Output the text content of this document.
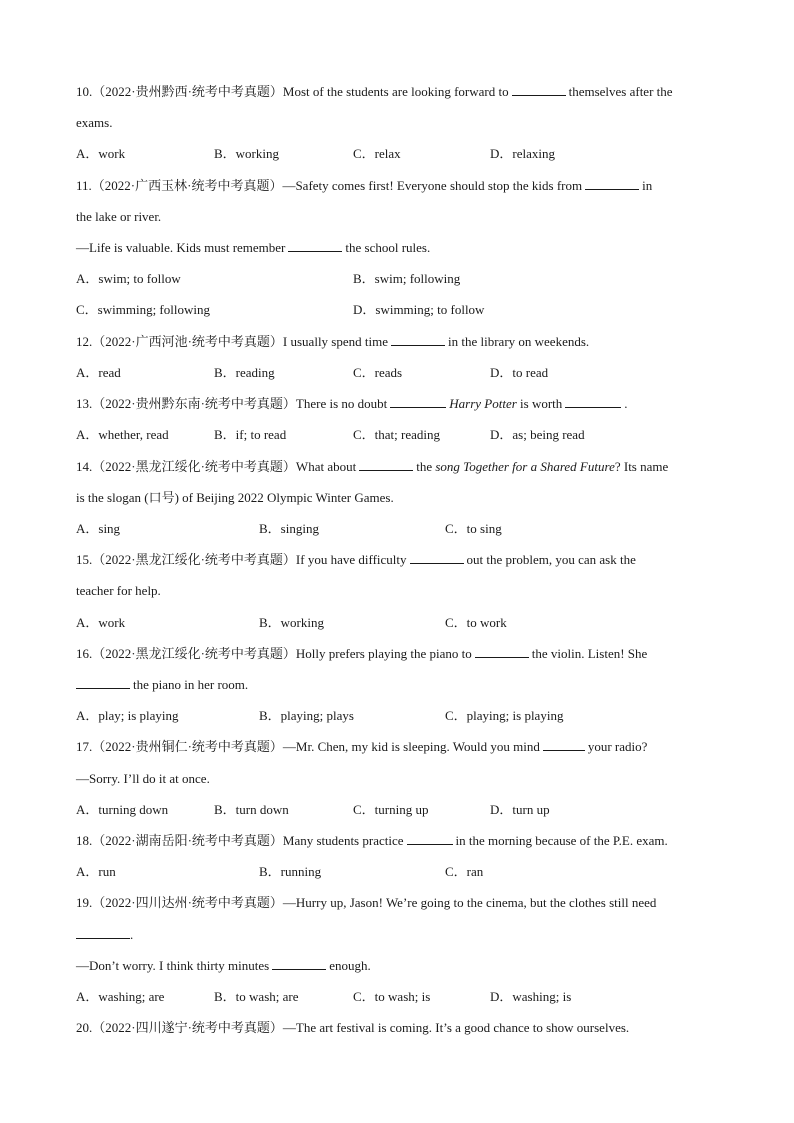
10.（2022·贵州黔西·统考中考真题）Most of the students are looking forward to	themselves after the
exams.
A．work	B．working	C．relax	D．relaxing
11.（2022·广西玉林·统考中考真题）—Safety comes first! Everyone should stop the kids from	in
the lake or river.
—Life is valuable. Kids must remember	the school rules.
A．swim; to follow	B．swim; following
C．swimming; following	D．swimming; to follow
12.（2022·广西河池·统考中考真题）I usually spend time	in the library on weekends.
A．read	B．reading	C．reads	D．to read
13.（2022·贵州黔东南·统考中考真题）There is no doubt	Harry Potter is worth	.
A．whether, read	B．if; to read	C．that; reading	D．as; being read
14.（2022·黑龙江绥化·统考中考真题）What about	the song Together for a Shared Future? Its name
is the slogan (口号) of Beijing 2022 Olympic Winter Games.
A．sing	B．singing	C．to sing
15.（2022·黑龙江绥化·统考中考真题）If you have difficulty	out the problem, you can ask the
teacher for help.
A．work	B．working	C．to work
16.（2022·黑龙江绥化·统考中考真题）Holly prefers playing the piano to	the violin. Listen! She
the piano in her room.
A．play; is playing	B．playing; plays	C．playing; is playing
17.（2022·贵州铜仁·统考中考真题）—Mr. Chen, my kid is sleeping. Would you mind	your radio?
—Sorry. I’ll do it at once.
A．turning down	B．turn down	C．turning up	D．turn up
18.（2022·湖南岳阳·统考中考真题）Many students practice	in the morning because of the P.E. exam.
A．run	B．running	C．ran
19.（2022·四川达州·统考中考真题）—Hurry up, Jason! We’re going to the cinema, but the clothes still need
.
—Don’t worry. I think thirty minutes	enough.
A．washing; are	B．to wash; are	C．to wash; is	D．washing; is
20.（2022·四川遂宁·统考中考真题）—The art festival is coming. It’s a good chance to show ourselves.
